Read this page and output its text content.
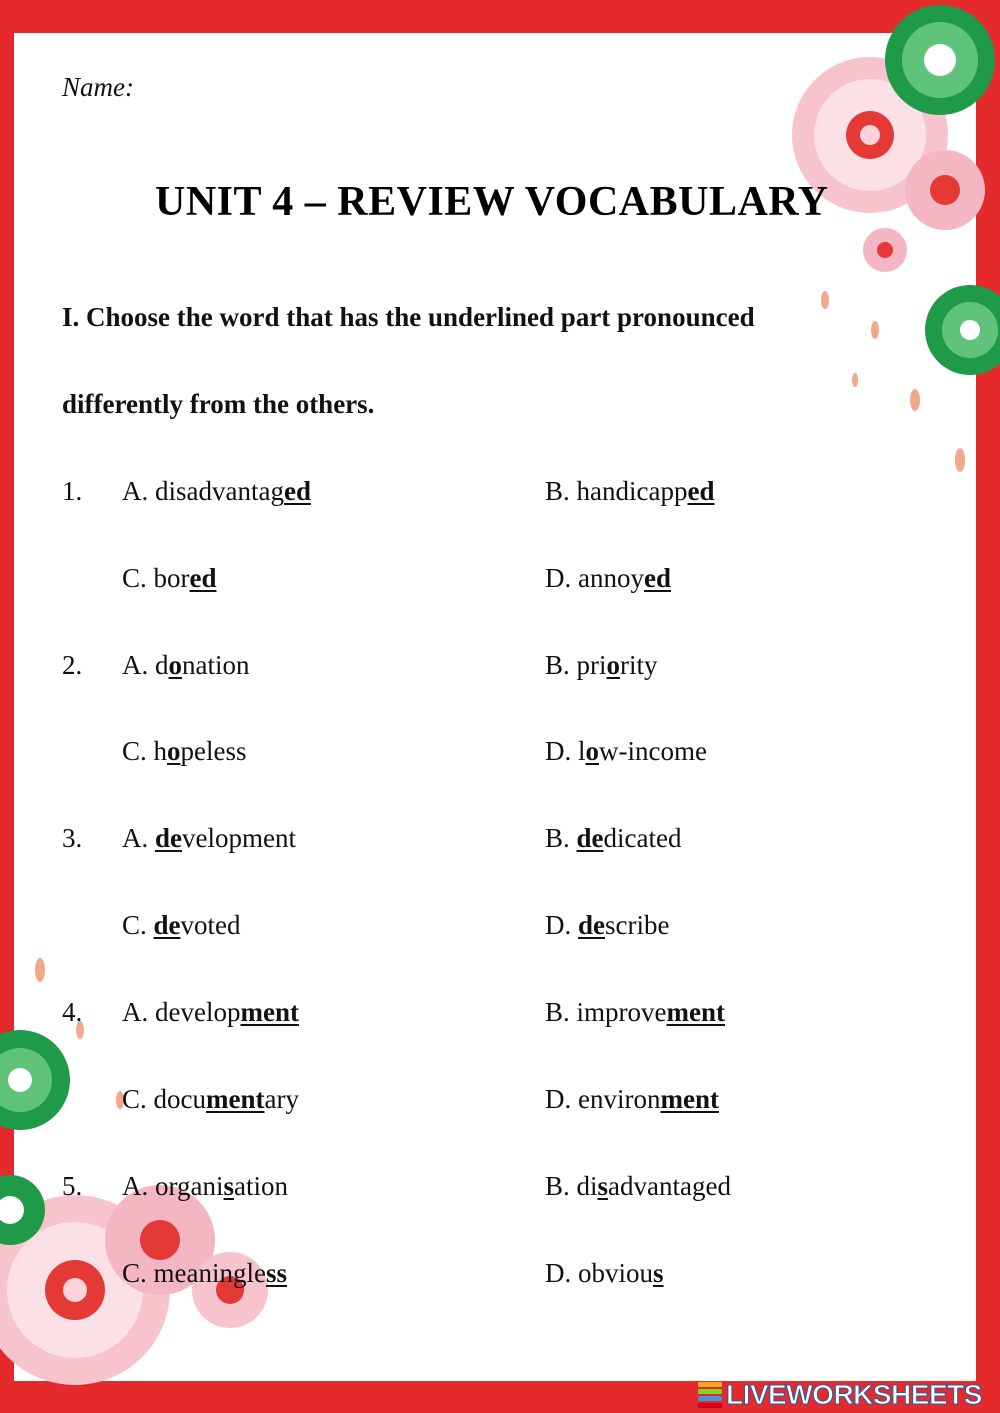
Name:
UNIT 4 – REVIEW VOCABULARY
I. Choose the word that has the underlined part pronounced
differently from the others.
1. A. disadvantaged	B. handicapped
C. bored	D. annoyed
2. A. donation	B. priority
C. hopeless	D. low-income
3. A. development	B. dedicated
C. devoted	D. describe
4. A. development	B. improvement
C. documentary	D. environment
5. A. organisation	B. disadvantaged
C. meaningless	D. obvious
LIVEWORKSHEETS
